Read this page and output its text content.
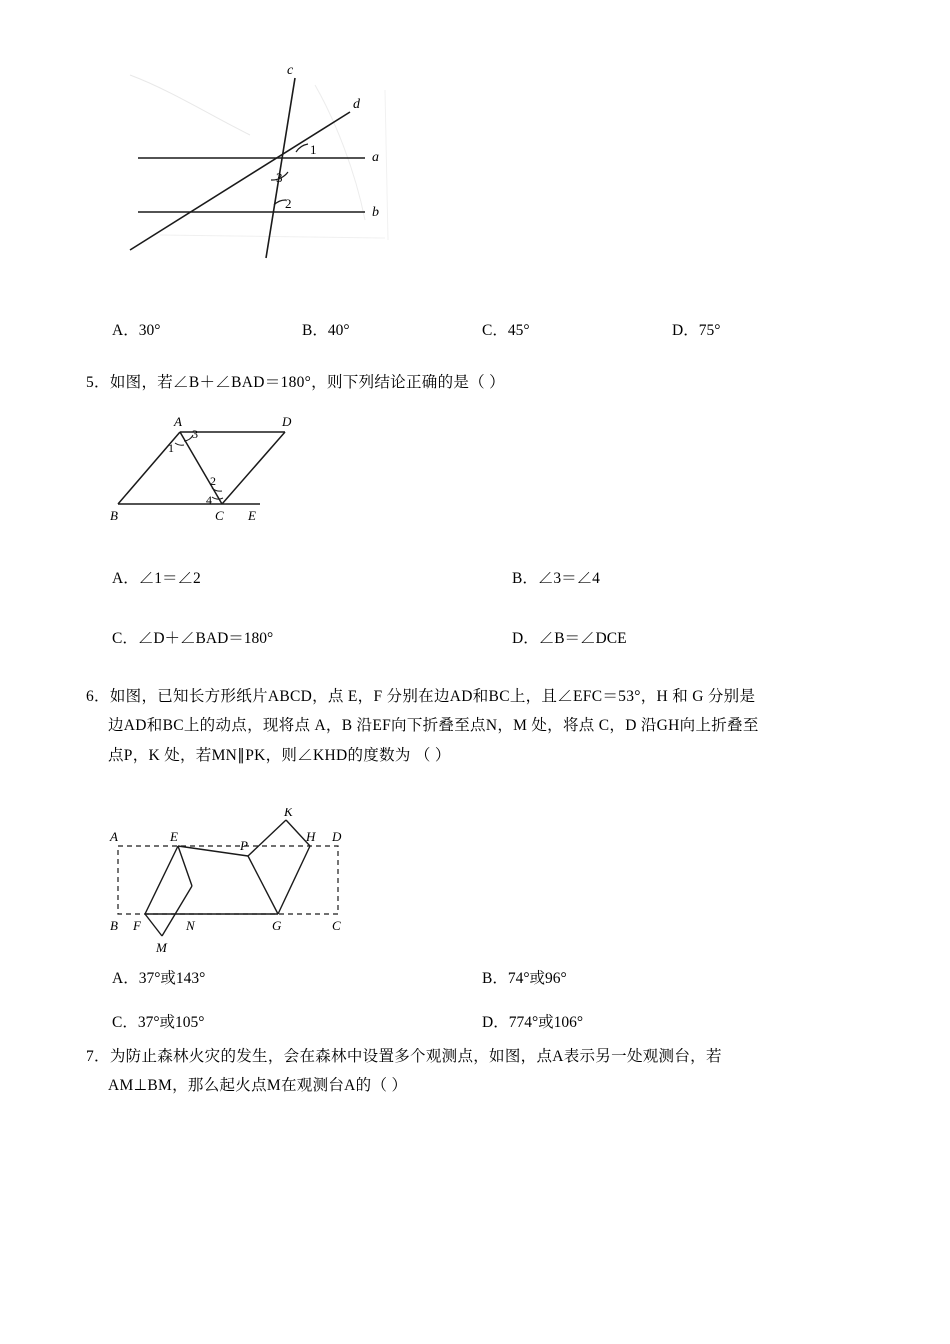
c
d
a
b
1
3
2
A．30°	B．40°	C．45°	D．75°
5．如图，若∠B＋∠BAD＝180°，则下列结论正确的是（ ）
A	D
B	C E
3
1
2
4
A．∠1＝∠2	B．∠3＝∠4
C．∠D＋∠BAD＝180°	D．∠B＝∠DCE
6．如图，已知长方形纸片ABCD，点 E，F 分别在边AD和BC上，且∠EFC＝53°，H 和 G 分别是
边AD和BC上的动点，现将点 A，B 沿EF向下折叠至点N，M 处，将点 C，D 沿GH向上折叠至
点P，K 处，若MN∥PK，则∠KHD的度数为 （ ）
A	E
P
K
H D
B F	N	G	C
M
A．37°或143°	B．74°或96°
C．37°或105°	D．774°或106°
7．为防止森林火灾的发生，会在森林中设置多个观测点，如图，点A表示另一处观测台，若
AM⊥BM，那么起火点M在观测台A的（ ）
